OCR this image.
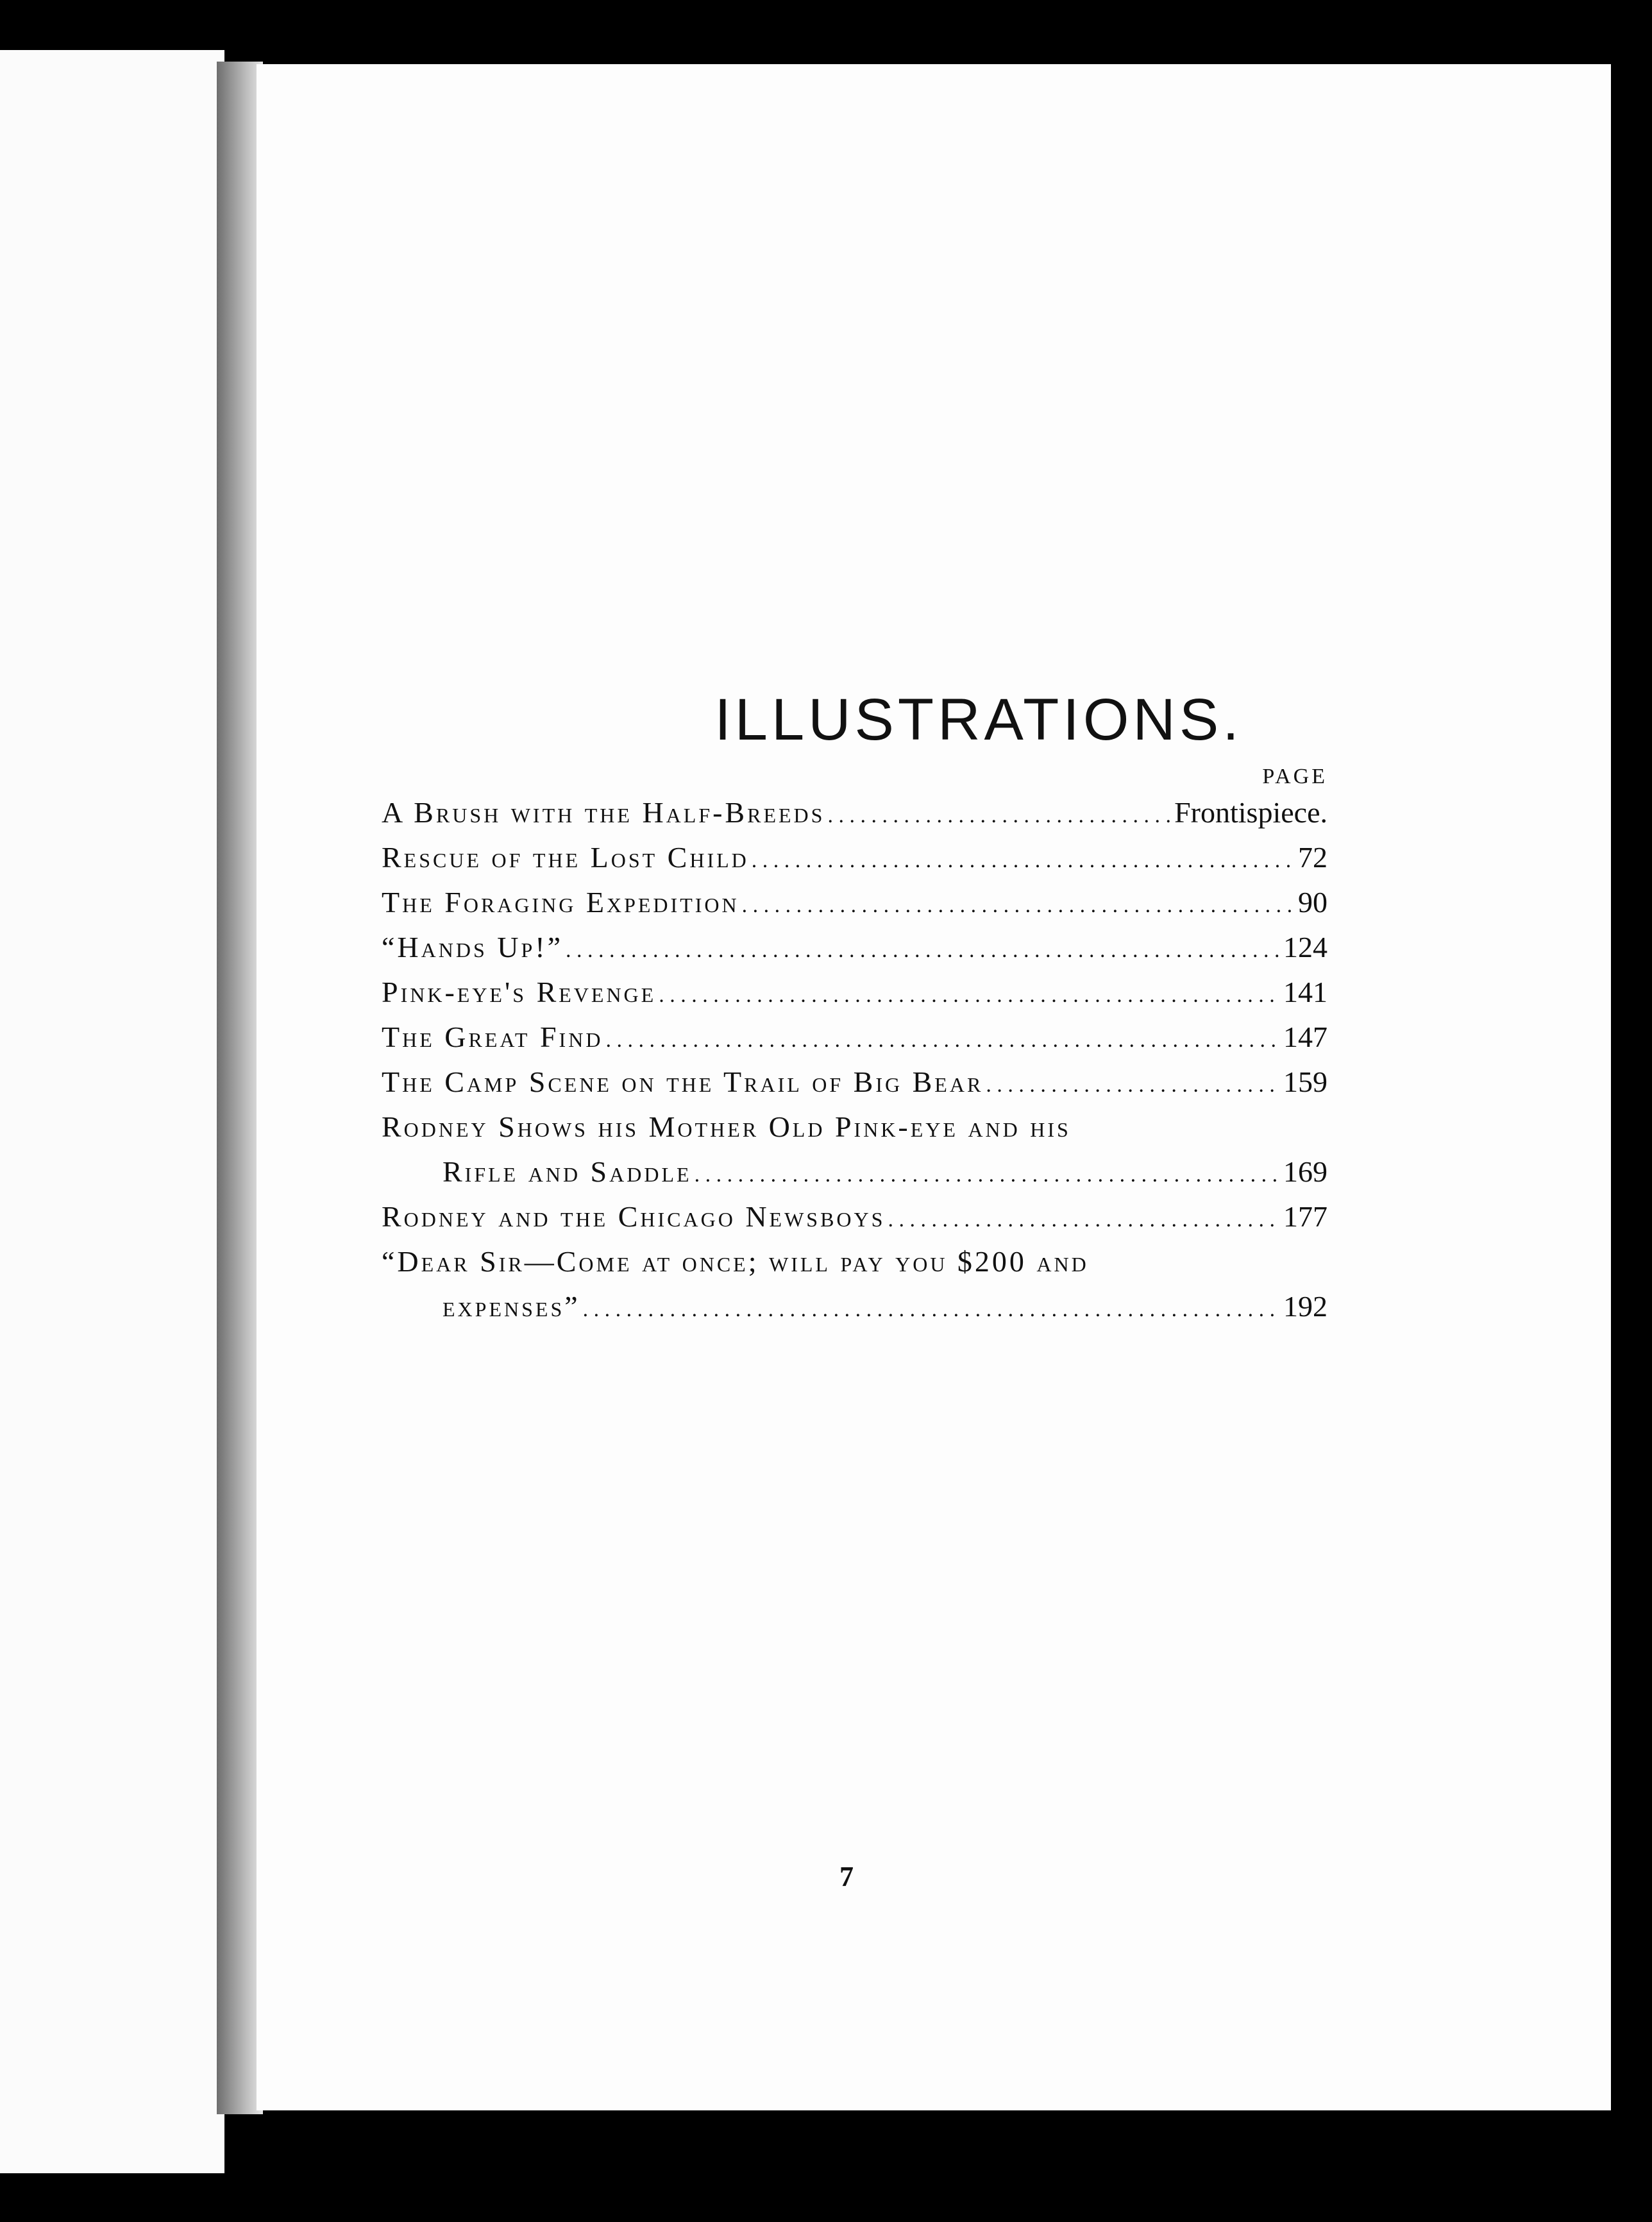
ILLUSTRATIONS.
PAGE
A Brush with the Half-Breeds . . .	Frontispiece.
Rescue of the Lost Child . . .	72
The Foraging Expedition . . .	90
“Hands Up!” . . .	124
Pink-eye's Revenge . . .	141
The Great Find . . .	147
The Camp Scene on the Trail of Big Bear . . .	159
Rodney Shows his Mother Old Pink-eye and his
Rifle and Saddle . . .	169
Rodney and the Chicago Newsboys . . .	177
“Dear Sir—Come at once; will pay you $200 and
expenses” . . .	192
7
